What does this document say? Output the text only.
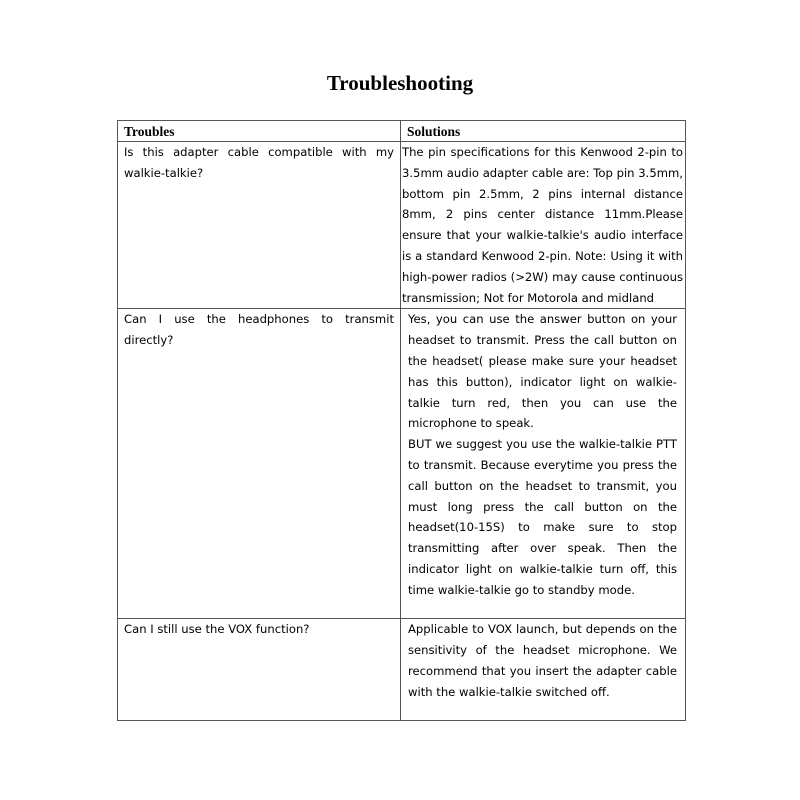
Troubleshooting
Troubles	Solutions

Is this adapter cable compatible with my walkie-talkie?	The pin specifications for this Kenwood 2-pin to 3.5mm audio adapter cable are: Top pin 3.5mm, bottom pin 2.5mm, 2 pins internal distance 8mm, 2 pins center distance 11mm.Please ensure that your walkie-talkie's audio interface is a standard Kenwood 2-pin. Note: Using it with high-power radios (>2W) may cause continuous transmission; Not for Motorola and midland

Can I use the headphones to transmit directly?	Yes, you can use the answer button on your headset to transmit. Press the call button on the headset( please make sure your headset has this button), indicator light on walkie-talkie turn red, then you can use the microphone to speak.

BUT we suggest you use the walkie-talkie PTT to transmit. Because everytime you press the call button on the headset to transmit, you must long press the call button on the headset(10-15S) to make sure to stop transmitting after over speak. Then the indicator light on walkie-talkie turn off, this time walkie-talkie go to standby mode.

Can I still use the VOX function?	Applicable to VOX launch, but depends on the sensitivity of the headset microphone. We recommend that you insert the adapter cable with the walkie-talkie switched off.
